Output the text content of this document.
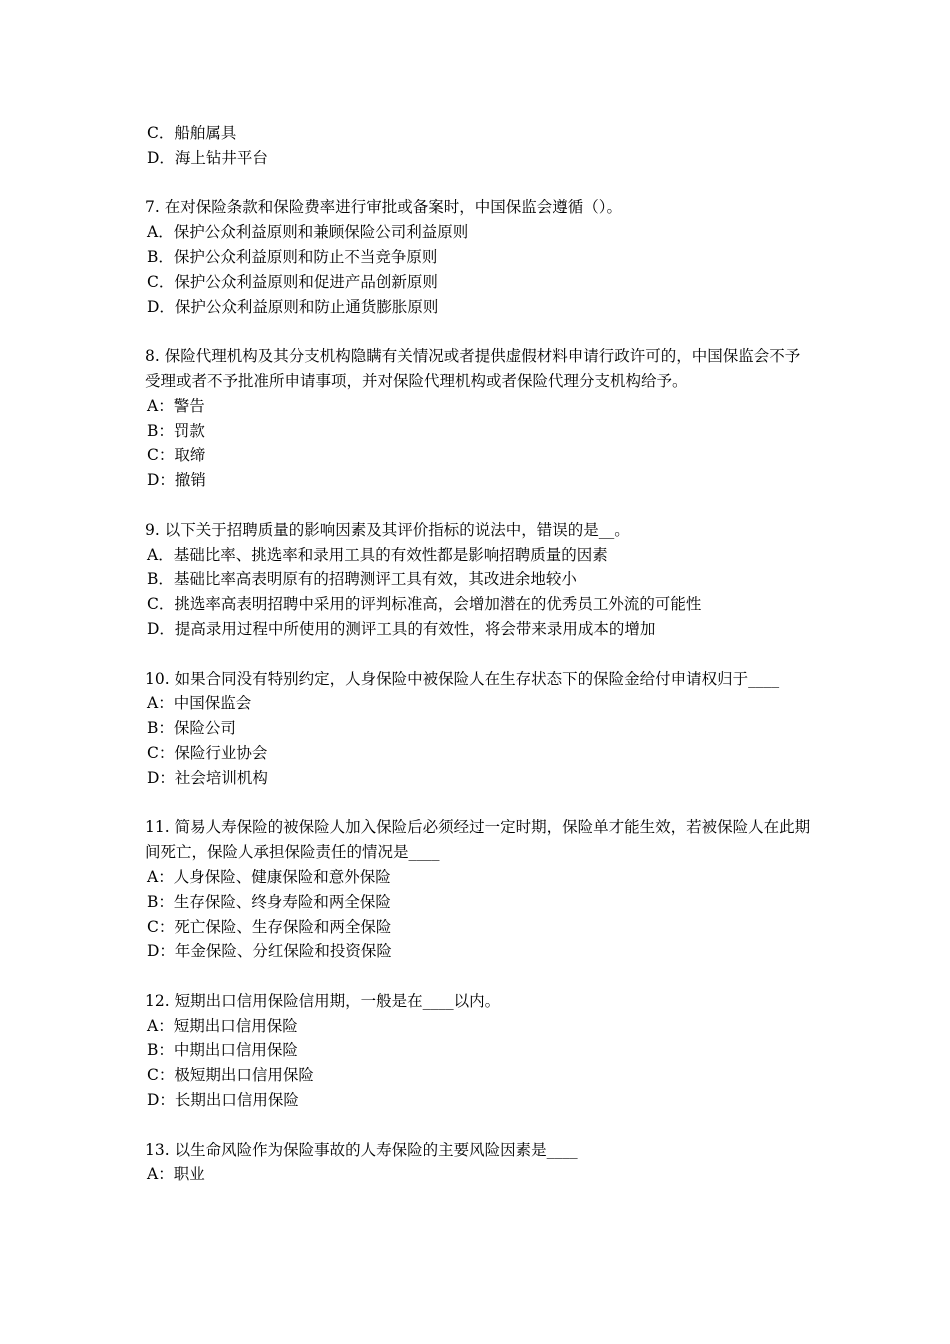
C．船舶属具
D．海上钻井平台
7. 在对保险条款和保险费率进行审批或备案时，中国保监会遵循（）。
A．保护公众利益原则和兼顾保险公司利益原则
B．保护公众利益原则和防止不当竞争原则
C．保护公众利益原则和促进产品创新原则
D．保护公众利益原则和防止通货膨胀原则
8. 保险代理机构及其分支机构隐瞒有关情况或者提供虚假材料申请行政许可的，中国保监会不予受理或者不予批准所申请事项，并对保险代理机构或者保险代理分支机构给予。
A：警告
B：罚款
C：取缔
D：撤销
9. 以下关于招聘质量的影响因素及其评价指标的说法中，错误的是__。
A．基础比率、挑选率和录用工具的有效性都是影响招聘质量的因素
B．基础比率高表明原有的招聘测评工具有效，其改进余地较小
C．挑选率高表明招聘中采用的评判标准高，会增加潜在的优秀员工外流的可能性
D．提高录用过程中所使用的测评工具的有效性，将会带来录用成本的增加
10. 如果合同没有特别约定，人身保险中被保险人在生存状态下的保险金给付申请权归于____
A：中国保监会
B：保险公司
C：保险行业协会
D：社会培训机构
11. 简易人寿保险的被保险人加入保险后必须经过一定时期，保险单才能生效，若被保险人在此期间死亡，保险人承担保险责任的情况是____
A：人身保险、健康保险和意外保险
B：生存保险、终身寿险和两全保险
C：死亡保险、生存保险和两全保险
D：年金保险、分红保险和投资保险
12. 短期出口信用保险信用期，一般是在____以内。
A：短期出口信用保险
B：中期出口信用保险
C：极短期出口信用保险
D：长期出口信用保险
13. 以生命风险作为保险事故的人寿保险的主要风险因素是____
A：职业
